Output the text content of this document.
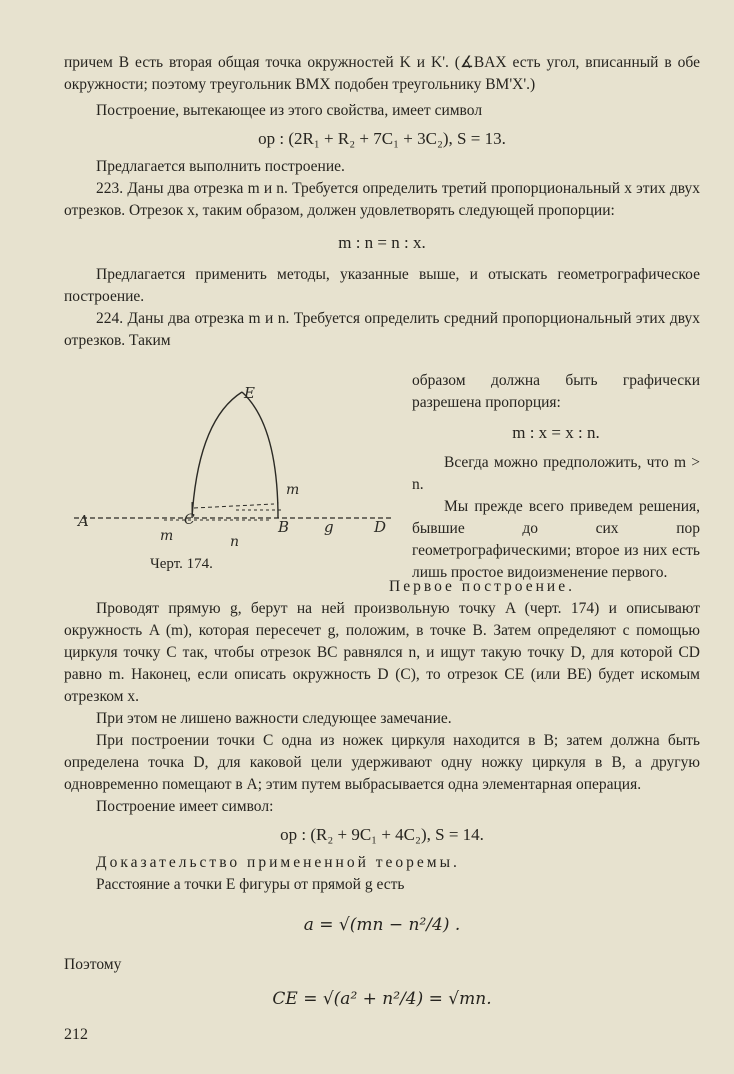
причем B есть вторая общая точка окружностей K и K'. (∡BAX есть угол, вписанный в обе окружности; поэтому треугольник BMX подобен треугольнику BM'X'.)

Построение, вытекающее из этого свойства, имеет символ

op : (2R₁ + R₂ + 7C₁ + 3C₂), S = 13.

Предлагается выполнить построение.

223. Даны два отрезка m и n. Требуется определить третий пропорциональный x этих двух отрезков. Отрезок x, таким образом, должен удовлетворять следующей пропорции:

m : n = n : x.

Предлагается применить методы, указанные выше, и отыскать геометрографическое построение.

224. Даны два отрезка m и n. Требуется определить средний пропорциональный этих двух отрезков. Таким

E
A	C	B g	D
m
m	n
Черт. 174.

образом должна быть графически разрешена пропорция:

m : x = x : n.

Всегда можно предположить, что m > n.

Мы прежде всего приведем решения, бывшие до сих пор геометрографическими; второе из них есть лишь простое видоизменение первого.

Первое построение.

Проводят прямую g, берут на ней произвольную точку A (черт. 174) и описывают окружность A (m), которая пересечет g, положим, в точке B. Затем определяют с помощью циркуля точку C так, чтобы отрезок BC равнялся n, и ищут такую точку D, для которой CD равно m. Наконец, если описать окружность D (C), то отрезок CE (или BE) будет искомым отрезком x.

При этом не лишено важности следующее замечание.

При построении точки C одна из ножек циркуля находится в B; затем должна быть определена точка D, для каковой цели удерживают одну ножку циркуля в B, а другую одновременно помещают в A; этим путем выбрасывается одна элементарная операция.

Построение имеет символ:

op : (R₂ + 9C₁ + 4C₂), S = 14.

Доказательство примененной теоремы.

Расстояние a точки E фигуры от прямой g есть

a = √(mn − n²/4) .

Поэтому

CE = √(a² + n²/4) = √mn.
212
